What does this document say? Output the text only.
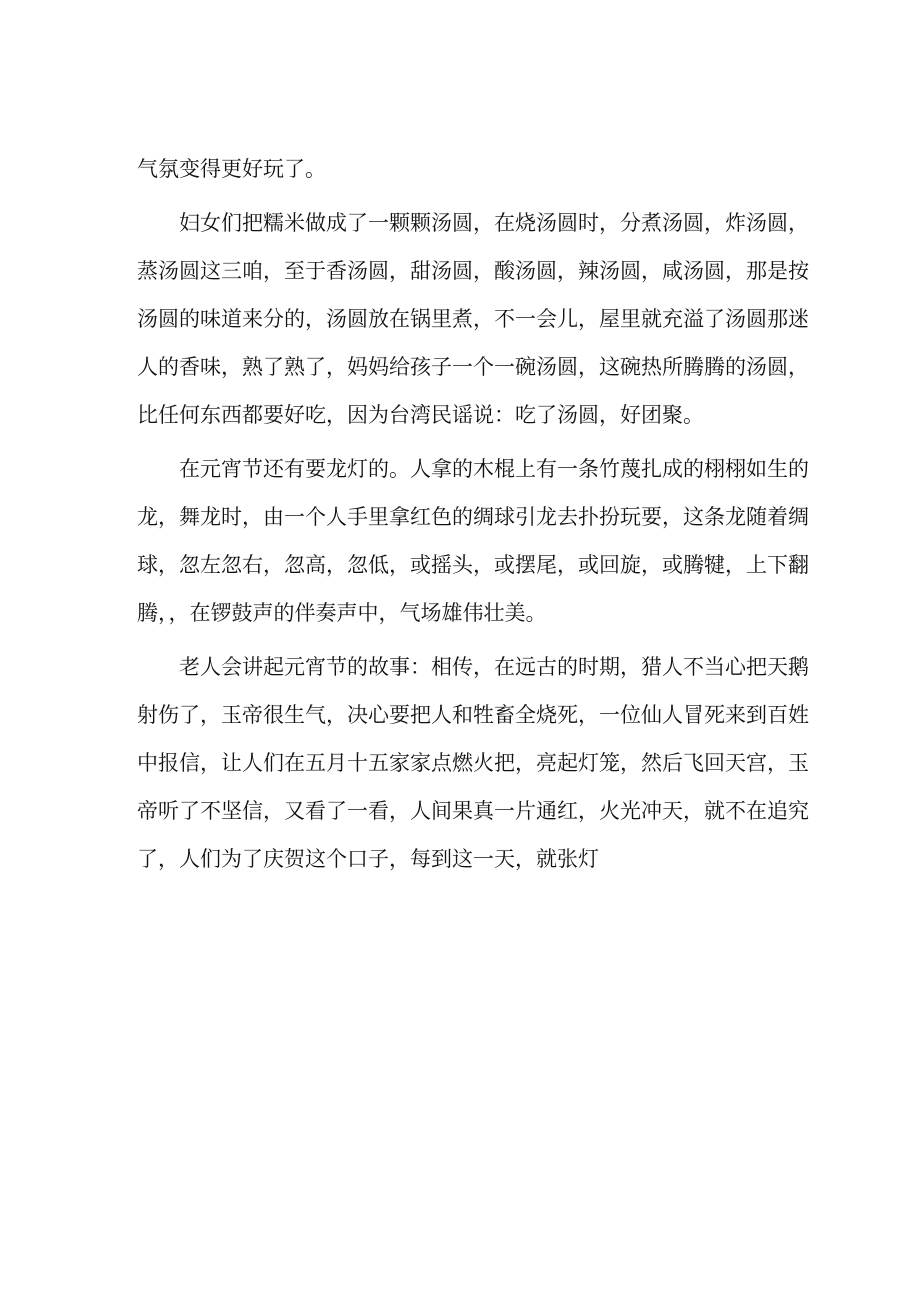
气氛变得更好玩了。
妇女们把糯米做成了一颗颗汤圆，在烧汤圆时，分煮汤圆，炸汤圆，
蒸汤圆这三咱，至于香汤圆，甜汤圆，酸汤圆，辣汤圆，咸汤圆，那是按
汤圆的味道来分的，汤圆放在锅里煮，不一会儿，屋里就充溢了汤圆那迷
人的香味，熟了熟了，妈妈给孩子一个一碗汤圆，这碗热所腾腾的汤圆，
比任何东西都要好吃，因为台湾民谣说：吃了汤圆，好团聚。
在元宵节还有要龙灯的。人拿的木棍上有一条竹蔑扎成的栩栩如生的
龙，舞龙时，由一个人手里拿红色的绸球引龙去扑扮玩要，这条龙随着绸
球，忽左忽右，忽高，忽低，或摇头，或摆尾，或回旋，或腾犍，上下翻
腾，，在锣鼓声的伴奏声中，气场雄伟壮美。
老人会讲起元宵节的故事：相传，在远古的时期，猎人不当心把天鹅
射伤了，玉帝很生气，决心要把人和牲畜全烧死，一位仙人冒死来到百姓
中报信，让人们在五月十五家家点燃火把，亮起灯笼，然后飞回天宫，玉
帝听了不坚信，又看了一看，人间果真一片通红，火光冲天，就不在追究
了，人们为了庆贺这个口子，每到这一天，就张灯
